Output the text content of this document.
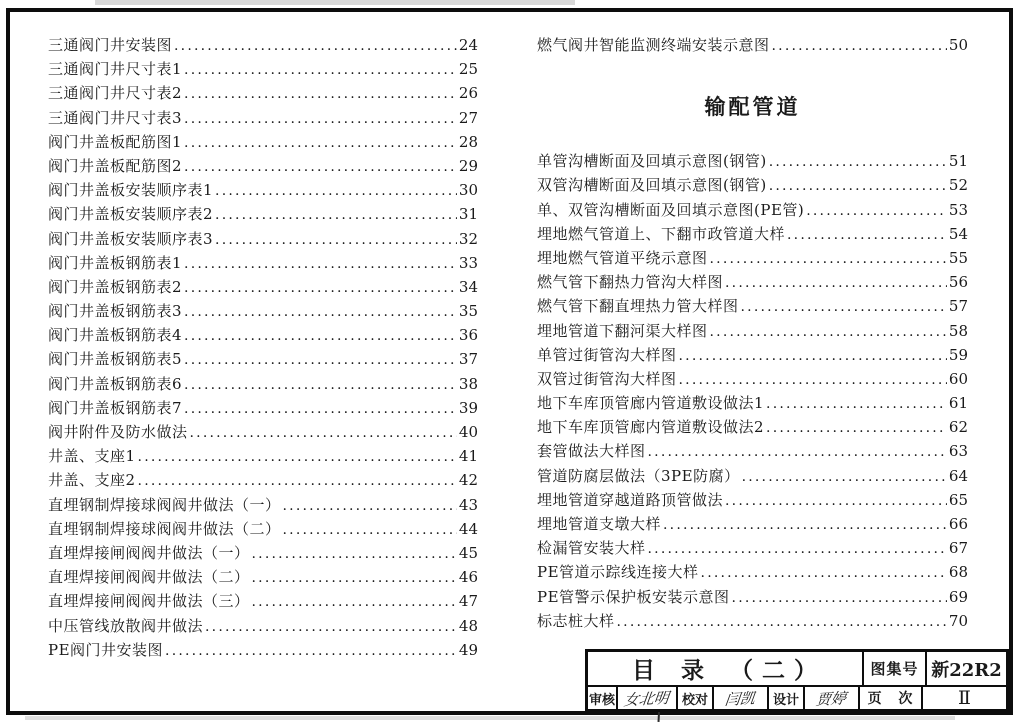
三通阀门井安装图 .....	24
三通阀门井尺寸表1 .....	25
三通阀门井尺寸表2 .....	26
三通阀门井尺寸表3 .....	27
阀门井盖板配筋图1 .....	28
阀门井盖板配筋图2 .....	29
阀门井盖板安装顺序表1 .....	30
阀门井盖板安装顺序表2 .....	31
阀门井盖板安装顺序表3 .....	32
阀门井盖板钢筋表1 .....	33
阀门井盖板钢筋表2 .....	34
阀门井盖板钢筋表3 .....	35
阀门井盖板钢筋表4 .....	36
阀门井盖板钢筋表5 .....	37
阀门井盖板钢筋表6 .....	38
阀门井盖板钢筋表7 .....	39
阀井附件及防水做法 .....	40
井盖、支座1 .....	41
井盖、支座2 .....	42
直埋钢制焊接球阀阀井做法（一） .....	43
直埋钢制焊接球阀阀井做法（二） .....	44
直埋焊接闸阀阀井做法（一） .....	45
直埋焊接闸阀阀井做法（二） .....	46
直埋焊接闸阀阀井做法（三） .....	47
中压管线放散阀井做法 .....	48
PE阀门井安装图 .....	49
燃气阀井智能监测终端安装示意图 .....	50
输配管道
单管沟槽断面及回填示意图(钢管) .....	51
双管沟槽断面及回填示意图(钢管) .....	52
单、双管沟槽断面及回填示意图(PE管) .....	53
埋地燃气管道上、下翻市政管道大样 .....	54
埋地燃气管道平绕示意图 .....	55
燃气管下翻热力管沟大样图 .....	56
燃气管下翻直埋热力管大样图 .....	57
埋地管道下翻河渠大样图 .....	58
单管过街管沟大样图 .....	59
双管过街管沟大样图 .....	60
地下车库顶管廊内管道敷设做法1 .....	61
地下车库顶管廊内管道敷设做法2 .....	62
套管做法大样图 .....	63
管道防腐层做法（3PE防腐） .....	64
埋地管道穿越道路顶管做法 .....	65
埋地管道支墩大样 .....	66
检漏管安装大样 .....	67
PE管道示踪线连接大样 .....	68
PE管警示保护板安装示意图 .....	69
标志桩大样 .....	70
目 录 （二）	图集号 新22R2
审核 女北明 校对	闫凯	设计	贾婷	页 次	Ⅱ
